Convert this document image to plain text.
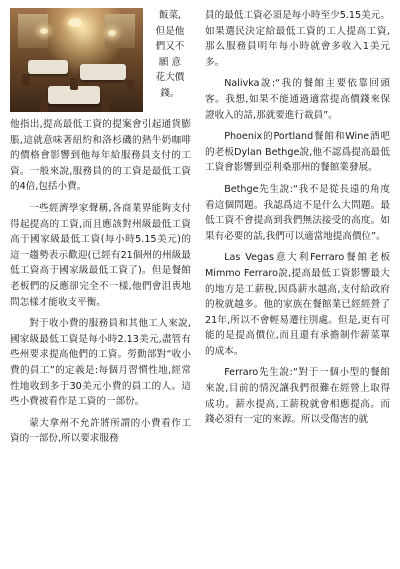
飯菜,

但是他

們又不

願 意

花大價

錢。

他指出,提高最低工資的提案會引起通貨膨脹,這就意味著紐約和洛杉磯的熱牛奶咖啡的價格會影響到他每年給服務員支付的工資。一般來說,服務員的的工資是最低工資的4倍,包括小費。

一些經濟學家聲稱,各商業界能夠支付得起提高的工資,而且應該對州級最低工資高于國家級最低工資(每小時5.15美元)的這一趨勢表示歡迎(已經有21個州的州級最低工資高于國家級最低工資了)。但是餐館老板們的反應卻完全不一樣,他們會沮喪地問怎樣才能收支平衡。

對于收小費的服務員和其他工人來說,國家級最低工資是每小時2.13美元,盡管有些州要求提高他們的工資。勞動部對“收小費的員工”的定義是:每個月習慣性地,經常性地收到多于30美元小費的員工的人。這些小費被看作是工資的一部份。

蒙大拿州不允許將所謂的小費看作工資的一部份,所以要求服務

員的最低工資必須是每小時至少5.15美元。如果選民決定給最低工資的工人提高工資,那么服務員明年每小時就會多收入1美元多。

Nalivka說:“我的餐館主要依靠回頭客。我想,如果不能通過適當提高價錢來保證收入的話,那就要進行裁員”。

Phoenix的Portland餐館和Wine酒吧的老板Dylan Bethge說,他不認爲提高最低工資會影響到亞利桑那州的餐館業發展。

Bethge先生說:“我不是從長遠的角度看這個問題。我認爲這不是什么大問題。最低工資不會提高到我們無法接受的高度。如果有必要的話,我們可以適當地提高價位”。

Las Vegas意大利Ferraro餐館老板Mimmo Ferraro說,提高最低工資影響最大的地方是工薪稅,因爲薪水越高,支付給政府的稅就越多。他的家族在餐館業已經經營了21年,所以不會輕易遷往別處。但是,更有可能的是提高價位,而且還有承擔制作薪菜單的成本。

Ferraro先生說:“對于一個小型的餐館來說,目前的情況讓我們很難在經營上取得成功。薪水提高,工薪稅就會相應提高。而錢必須有一定的來源。所以受傷害的就
